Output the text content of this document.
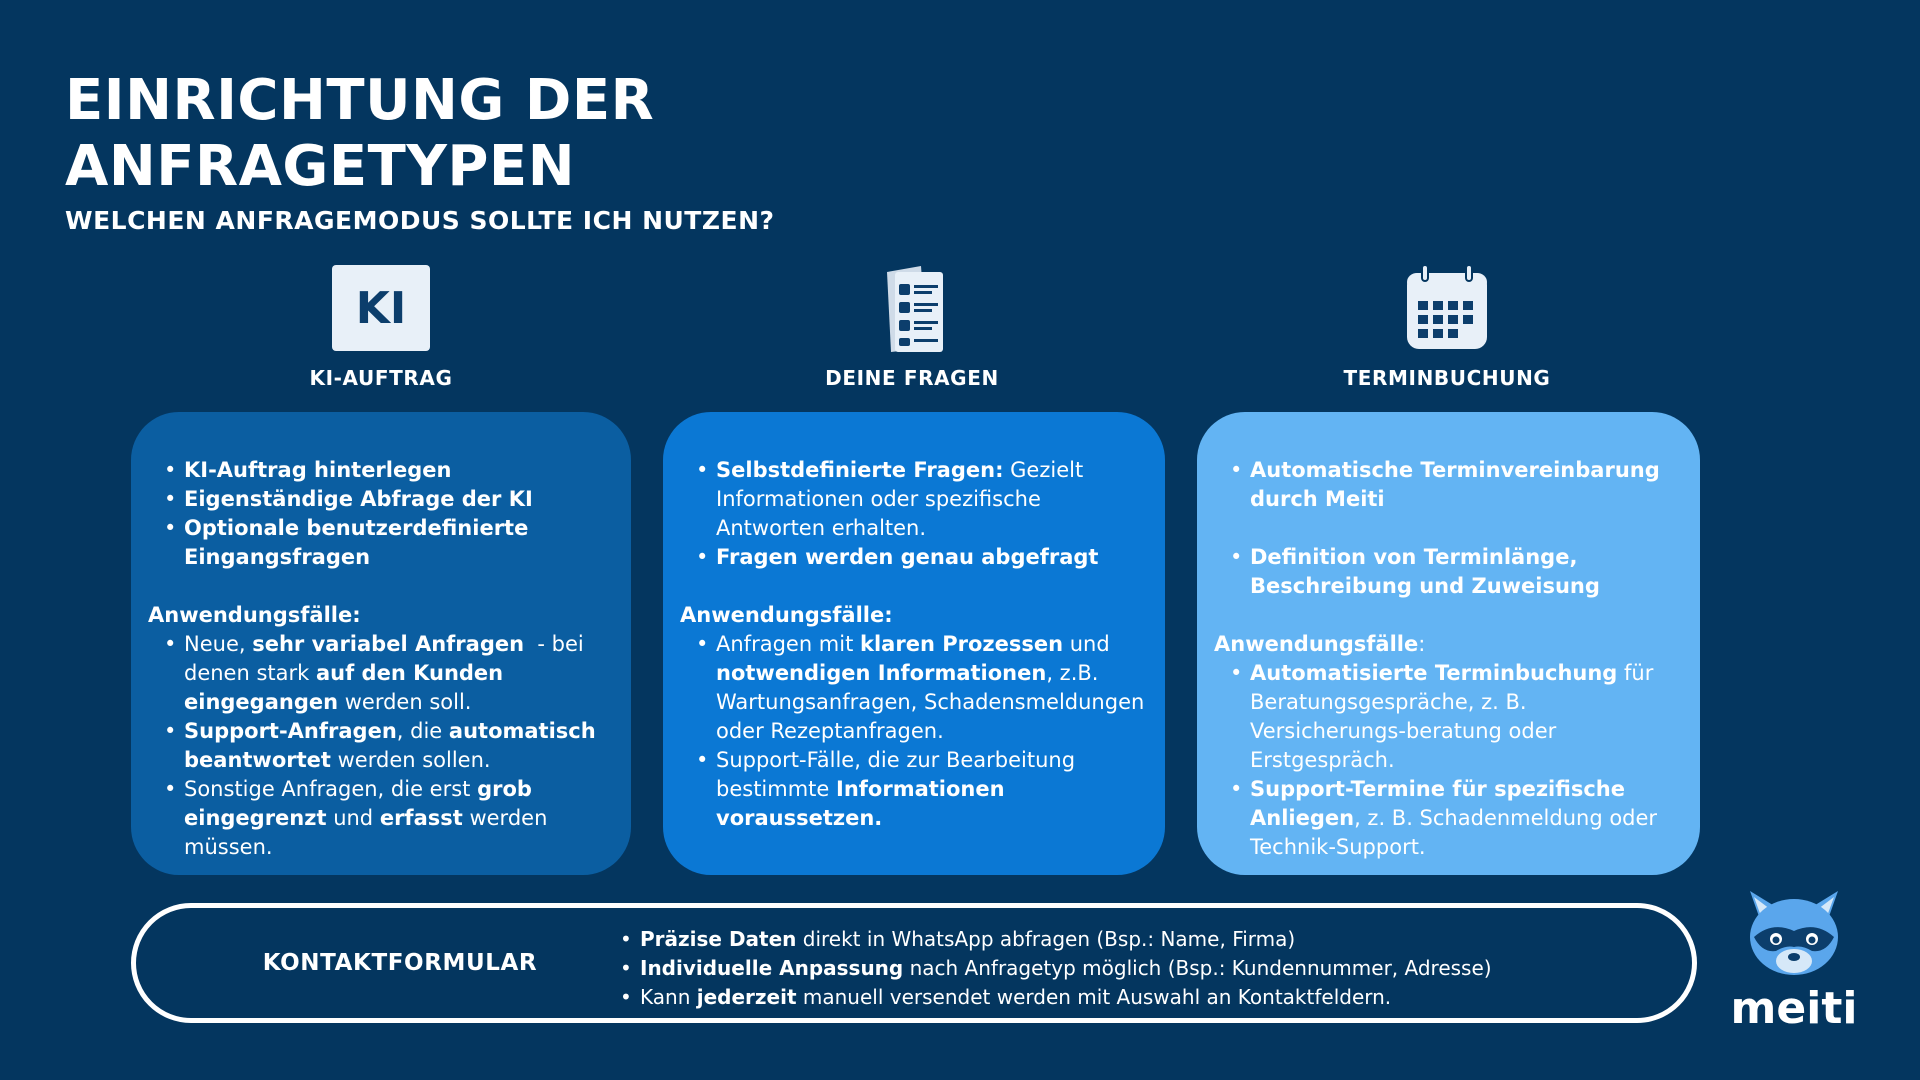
EINRICHTUNG DER
ANFRAGETYPEN
WELCHEN ANFRAGEMODUS SOLLTE ICH NUTZEN?
KI
KI-AUFTRAG	DEINE FRAGEN	TERMINBUCHUNG
• KI-Auftrag hinterlegen
• Eigenständige Abfrage der KI
• Optionale benutzerdefinierte Eingangsfragen
Anwendungsfälle:
• Neue, sehr variabel Anfragen  - bei denen stark auf den Kunden eingegangen werden soll.
• Support-Anfragen, die automatisch beantwortet werden sollen.
• Sonstige Anfragen, die erst grob eingegrenzt und erfasst werden müssen.
• Selbstdefinierte Fragen: Gezielt Informationen oder spezifische Antworten erhalten.
• Fragen werden genau abgefragt
Anwendungsfälle:
• Anfragen mit klaren Prozessen und notwendigen Informationen, z.B. Wartungsanfragen, Schadensmeldungen oder Rezeptanfragen.
• Support-Fälle, die zur Bearbeitung bestimmte Informationen voraussetzen.
• Automatische Terminvereinbarung durch Meiti
• Definition von Terminlänge, Beschreibung und Zuweisung
Anwendungsfälle:
• Automatisierte Terminbuchung für Beratungsgespräche, z. B. Versicherungs-beratung oder Erstgespräch.
• Support-Termine für spezifische Anliegen, z. B. Schadenmeldung oder Technik-Support.
KONTAKTFORMULAR
• Präzise Daten direkt in WhatsApp abfragen (Bsp.: Name, Firma)
• Individuelle Anpassung nach Anfragetyp möglich (Bsp.: Kundennummer, Adresse)
• Kann jederzeit manuell versendet werden mit Auswahl an Kontaktfeldern.	meiti
